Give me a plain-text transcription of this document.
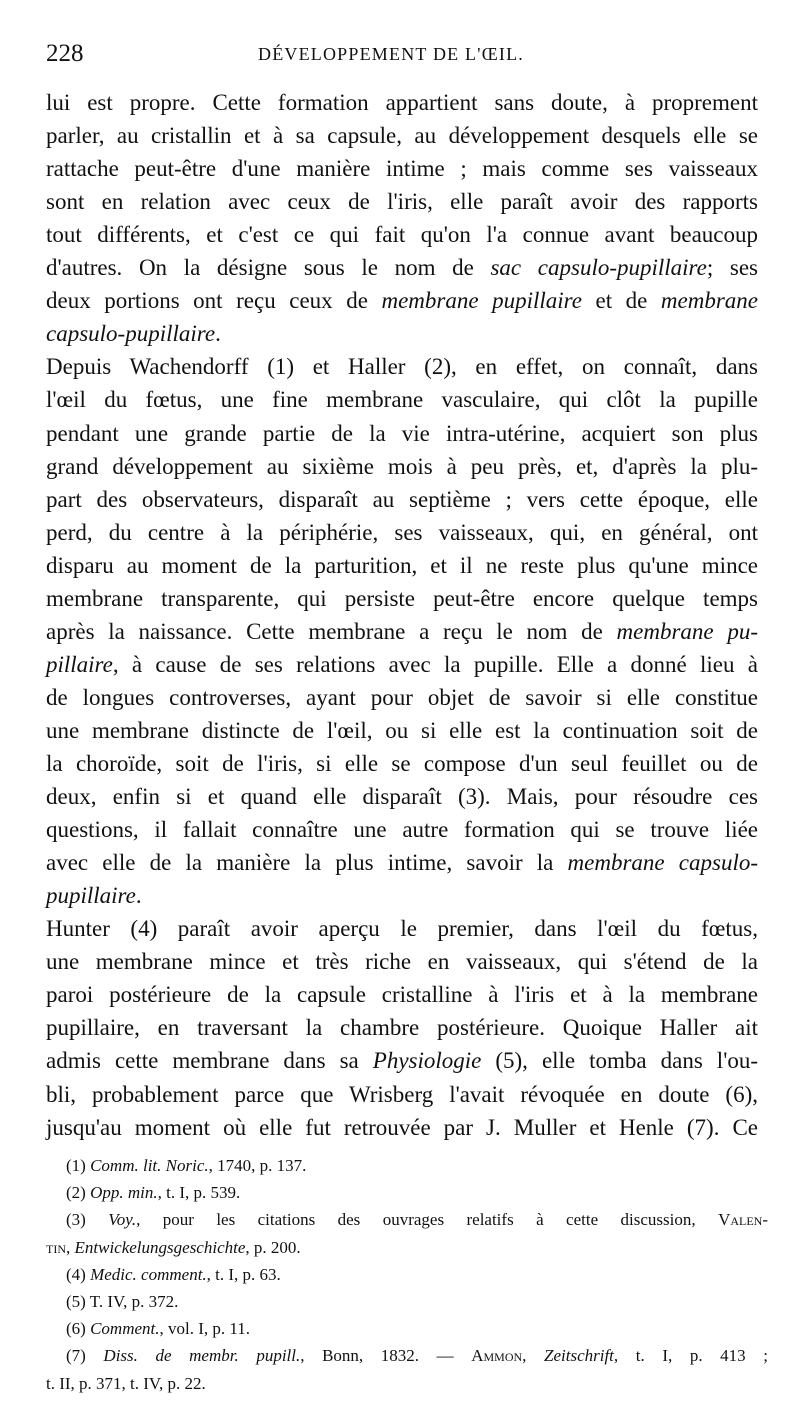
228	DÉVELOPPEMENT DE L'ŒIL.
lui est propre. Cette formation appartient sans doute, à proprement
parler, au cristallin et à sa capsule, au développement desquels elle se
rattache peut-être d'une manière intime ; mais comme ses vaisseaux
sont en relation avec ceux de l'iris, elle paraît avoir des rapports
tout différents, et c'est ce qui fait qu'on l'a connue avant beaucoup
d'autres. On la désigne sous le nom de sac capsulo-pupillaire; ses
deux portions ont reçu ceux de membrane pupillaire et de membrane
capsulo-pupillaire.
Depuis Wachendorff (1) et Haller (2), en effet, on connaît, dans
l'œil du fœtus, une fine membrane vasculaire, qui clôt la pupille
pendant une grande partie de la vie intra-utérine, acquiert son plus
grand développement au sixième mois à peu près, et, d'après la plu-
part des observateurs, disparaît au septième ; vers cette époque, elle
perd, du centre à la périphérie, ses vaisseaux, qui, en général, ont
disparu au moment de la parturition, et il ne reste plus qu'une mince
membrane transparente, qui persiste peut-être encore quelque temps
après la naissance. Cette membrane a reçu le nom de membrane pu-
pillaire, à cause de ses relations avec la pupille. Elle a donné lieu à
de longues controverses, ayant pour objet de savoir si elle constitue
une membrane distincte de l'œil, ou si elle est la continuation soit de
la choroïde, soit de l'iris, si elle se compose d'un seul feuillet ou de
deux, enfin si et quand elle disparaît (3). Mais, pour résoudre ces
questions, il fallait connaître une autre formation qui se trouve liée
avec elle de la manière la plus intime, savoir la membrane capsulo-
pupillaire.
Hunter (4) paraît avoir aperçu le premier, dans l'œil du fœtus,
une membrane mince et très riche en vaisseaux, qui s'étend de la
paroi postérieure de la capsule cristalline à l'iris et à la membrane
pupillaire, en traversant la chambre postérieure. Quoique Haller ait
admis cette membrane dans sa Physiologie (5), elle tomba dans l'ou-
bli, probablement parce que Wrisberg l'avait révoquée en doute (6),
jusqu'au moment où elle fut retrouvée par J. Muller et Henle (7). Ce
(1) Comm. lit. Noric., 1740, p. 137.
(2) Opp. min., t. I, p. 539.
(3) Voy., pour les citations des ouvrages relatifs à cette discussion, Valen-
tin, Entwickelungsgeschichte, p. 200.
(4) Medic. comment., t. I, p. 63.
(5) T. IV, p. 372.
(6) Comment., vol. I, p. 11.
(7) Diss. de membr. pupill., Bonn, 1832. — Ammon, Zeitschrift, t. I, p. 413 ;
t. II, p. 371, t. IV, p. 22.
